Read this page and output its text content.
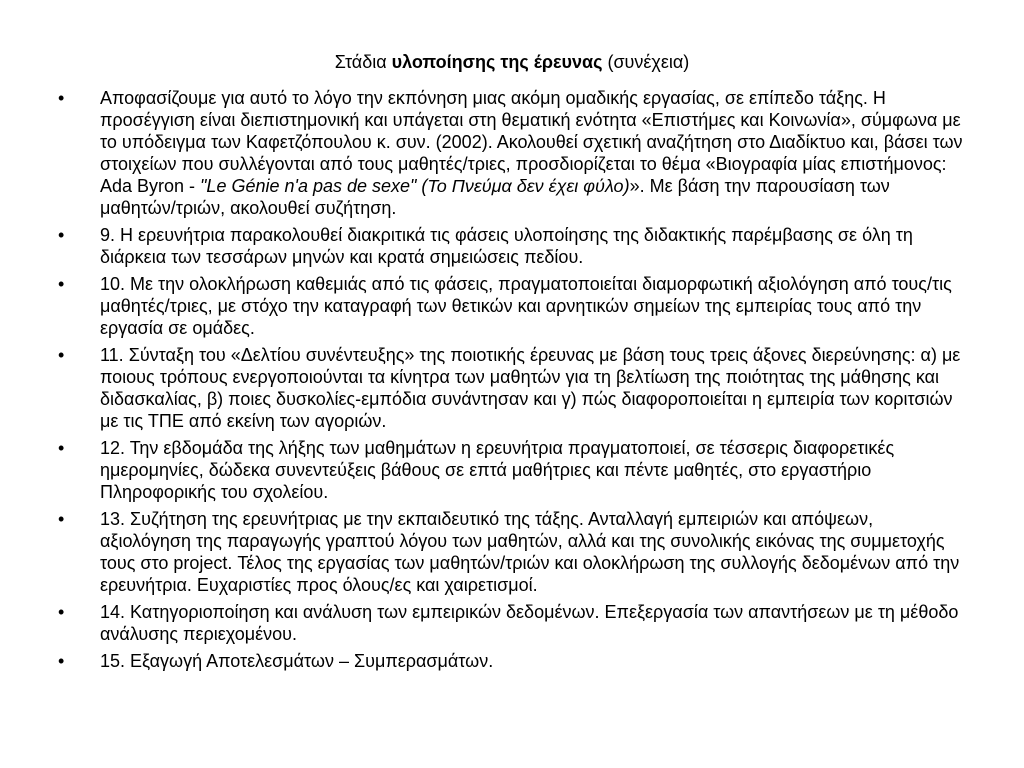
Στάδια υλοποίησης της έρευνας (συνέχεια)
•	Αποφασίζουμε για αυτό το λόγο την εκπόνηση μιας ακόμη ομαδικής εργασίας, σε επίπεδο τάξης. Η προσέγγιση είναι διεπιστημονική και υπάγεται στη θεματική ενότητα «Επιστήμες και Κοινωνία», σύμφωνα με το υπόδειγμα των Καφετζόπουλου κ. συν. (2002). Ακολουθεί σχετική αναζήτηση στο Διαδίκτυο και, βάσει των στοιχείων που συλλέγονται από τους μαθητές/τριες, προσδιορίζεται το θέμα «Βιογραφία μίας επιστήμονος: Ada Byron - "Le Génie n'a pas de sexe" (Το Πνεύμα δεν έχει φύλο)». Με βάση την παρουσίαση των μαθητών/τριών, ακολουθεί συζήτηση.
•	9. Η ερευνήτρια παρακολουθεί διακριτικά τις φάσεις υλοποίησης της διδακτικής παρέμβασης σε όλη τη διάρκεια των τεσσάρων μηνών και κρατά σημειώσεις πεδίου.
•	10. Με την ολοκλήρωση καθεμιάς από τις φάσεις, πραγματοποιείται διαμορφωτική αξιολόγηση από τους/τις μαθητές/τριες, με στόχο την καταγραφή των θετικών και αρνητικών σημείων της εμπειρίας τους από την εργασία σε ομάδες.
•	11. Σύνταξη του «Δελτίου συνέντευξης» της ποιοτικής έρευνας με βάση τους τρεις άξονες διερεύνησης: α) με ποιους τρόπους ενεργοποιούνται τα κίνητρα των μαθητών για τη βελτίωση της ποιότητας της μάθησης και διδασκαλίας, β) ποιες δυσκολίες-εμπόδια συνάντησαν και γ) πώς διαφοροποιείται η εμπειρία των κοριτσιών με τις ΤΠΕ από εκείνη των αγοριών.
•	12. Την εβδομάδα της λήξης των μαθημάτων η ερευνήτρια πραγματοποιεί, σε τέσσερις διαφορετικές ημερομηνίες, δώδεκα συνεντεύξεις βάθους σε επτά μαθήτριες και πέντε μαθητές, στο εργαστήριο Πληροφορικής του σχολείου.
•	13. Συζήτηση της ερευνήτριας με την εκπαιδευτικό της τάξης. Ανταλλαγή εμπειριών και απόψεων, αξιολόγηση της παραγωγής γραπτού λόγου των μαθητών, αλλά και της συνολικής εικόνας της συμμετοχής τους στο project. Τέλος της εργασίας των μαθητών/τριών και ολοκλήρωση της συλλογής δεδομένων από την ερευνήτρια. Ευχαριστίες προς όλους/ες και χαιρετισμοί.
•	14. Κατηγοριοποίηση και ανάλυση των εμπειρικών δεδομένων. Επεξεργασία των απαντήσεων με τη μέθοδο ανάλυσης περιεχομένου.
•	15. Εξαγωγή Αποτελεσμάτων – Συμπερασμάτων.
